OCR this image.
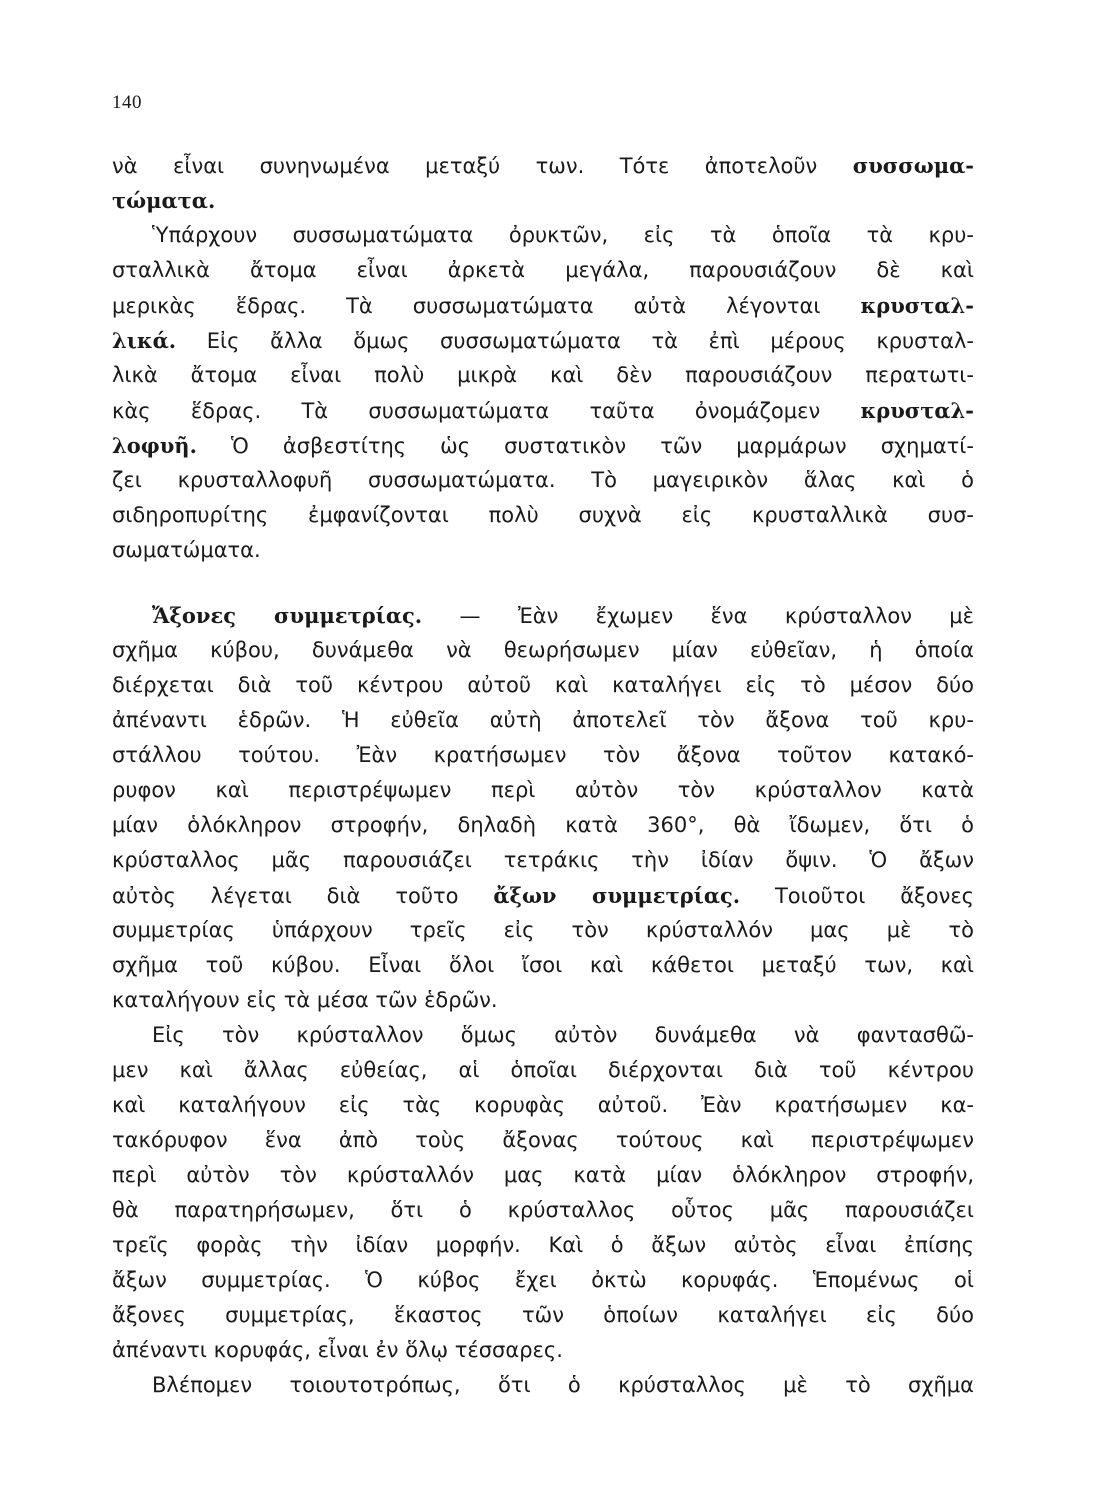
140
νὰ εἶναι συνηνωμένα μεταξύ των. Τότε ἀποτελοῦν συσσωμα-
τώματα.
Ὑπάρχουν συσσωματώματα ὀρυκτῶν, εἰς τὰ ὁποῖα τὰ κρυ-
σταλλικὰ ἄτομα εἶναι ἀρκετὰ μεγάλα, παρουσιάζουν δὲ καὶ
μερικὰς ἕδρας. Τὰ συσσωματώματα αὐτὰ λέγονται κρυσταλ-
λικά. Εἰς ἄλλα ὅμως συσσωματώματα τὰ ἐπὶ μέρους κρυσταλ-
λικὰ ἄτομα εἶναι πολὺ μικρὰ καὶ δὲν παρουσιάζουν περατωτι-
κὰς ἕδρας. Τὰ συσσωματώματα ταῦτα ὀνομάζομεν κρυσταλ-
λοφυῆ. Ὁ ἀσβεστίτης ὡς συστατικὸν τῶν μαρμάρων σχηματί-
ζει κρυσταλλοφυῆ συσσωματώματα. Τὸ μαγειρικὸν ἅλας καὶ ὁ
σιδηροπυρίτης ἐμφανίζονται πολὺ συχνὰ εἰς κρυσταλλικὰ συσ-
σωματώματα.
Ἄξονες συμμετρίας. — Ἐὰν ἔχωμεν ἕνα κρύσταλλον μὲ
σχῆμα κύβου, δυνάμεθα νὰ θεωρήσωμεν μίαν εὐθεῖαν, ἡ ὁποία
διέρχεται διὰ τοῦ κέντρου αὐτοῦ καὶ καταλήγει εἰς τὸ μέσον δύο
ἀπέναντι ἑδρῶν. Ἡ εὐθεῖα αὐτὴ ἀποτελεῖ τὸν ἄξονα τοῦ κρυ-
στάλλου τούτου. Ἐὰν κρατήσωμεν τὸν ἄξονα τοῦτον κατακό-
ρυφον καὶ περιστρέψωμεν περὶ αὐτὸν τὸν κρύσταλλον κατὰ
μίαν ὁλόκληρον στροφήν, δηλαδὴ κατὰ 360°, θὰ ἴδωμεν, ὅτι ὁ
κρύσταλλος μᾶς παρουσιάζει τετράκις τὴν ἰδίαν ὄψιν. Ὁ ἄξων
αὐτὸς λέγεται διὰ τοῦτο ἄξων συμμετρίας. Τοιοῦτοι ἄξονες
συμμετρίας ὑπάρχουν τρεῖς εἰς τὸν κρύσταλλόν μας μὲ τὸ
σχῆμα τοῦ κύβου. Εἶναι ὅλοι ἴσοι καὶ κάθετοι μεταξύ των, καὶ
καταλήγουν εἰς τὰ μέσα τῶν ἑδρῶν.
Εἰς τὸν κρύσταλλον ὅμως αὐτὸν δυνάμεθα νὰ φαντασθῶ-
μεν καὶ ἄλλας εὐθείας, αἱ ὁποῖαι διέρχονται διὰ τοῦ κέντρου
καὶ καταλήγουν εἰς τὰς κορυφὰς αὐτοῦ. Ἐὰν κρατήσωμεν κα-
τακόρυφον ἕνα ἀπὸ τοὺς ἄξονας τούτους καὶ περιστρέψωμεν
περὶ αὐτὸν τὸν κρύσταλλόν μας κατὰ μίαν ὁλόκληρον στροφήν,
θὰ παρατηρήσωμεν, ὅτι ὁ κρύσταλλος οὗτος μᾶς παρουσιάζει
τρεῖς φορὰς τὴν ἰδίαν μορφήν. Καὶ ὁ ἄξων αὐτὸς εἶναι ἐπίσης
ἄξων συμμετρίας. Ὁ κύβος ἔχει ὀκτὼ κορυφάς. Ἑπομένως οἱ
ἄξονες συμμετρίας, ἕκαστος τῶν ὁποίων καταλήγει εἰς δύο
ἀπέναντι κορυφάς, εἶναι ἐν ὅλῳ τέσσαρες.
Βλέπομεν τοιουτοτρόπως, ὅτι ὁ κρύσταλλος μὲ τὸ σχῆμα
